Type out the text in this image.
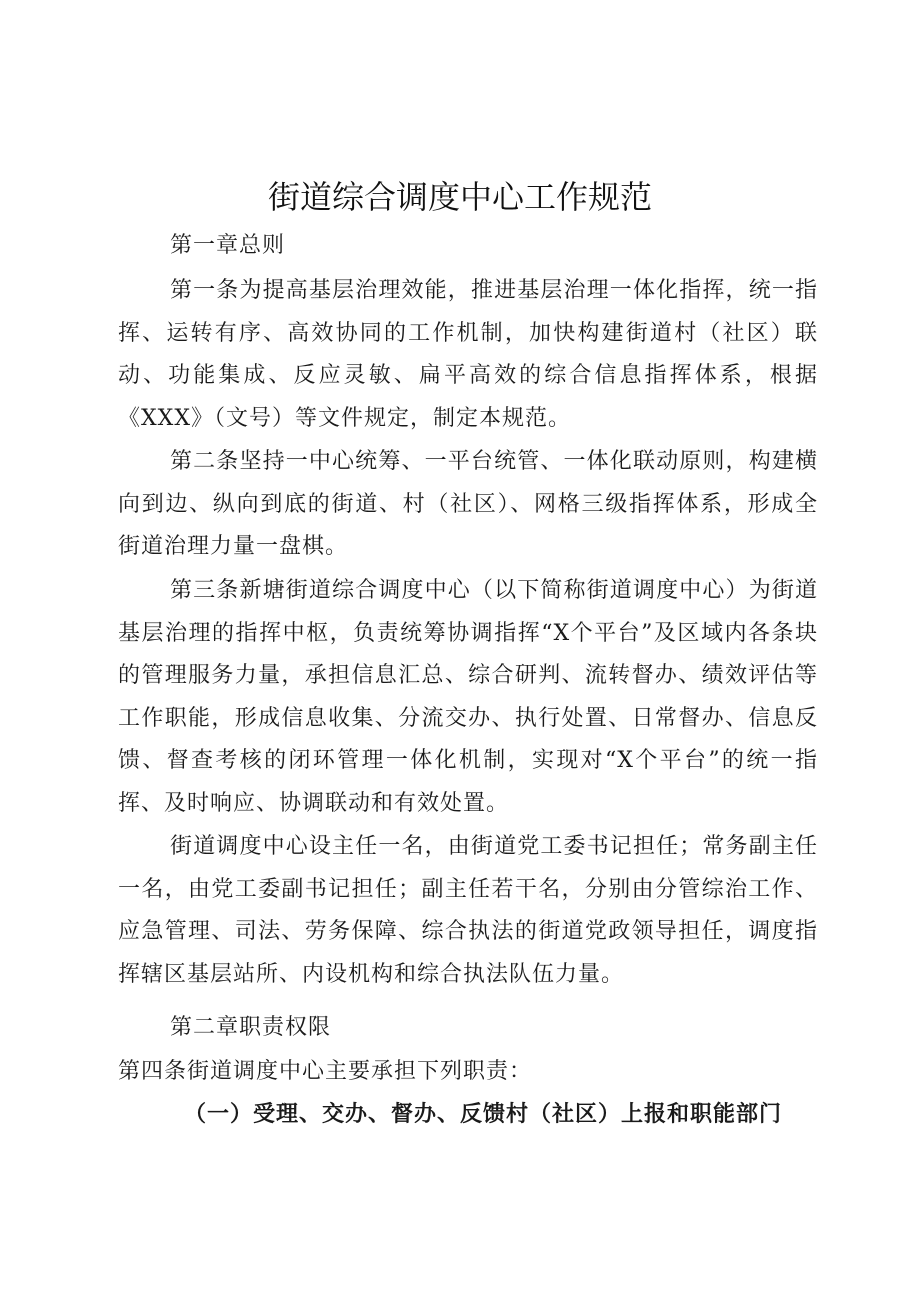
街道综合调度中心工作规范
第一章总则
第一条为提高基层治理效能，推进基层治理一体化指挥，统一指挥、运转有序、高效协同的工作机制，加快构建街道村（社区）联动、功能集成、反应灵敏、扁平高效的综合信息指挥体系，根据《XXX》（文号）等文件规定，制定本规范。
第二条坚持一中心统筹、一平台统管、一体化联动原则，构建横向到边、纵向到底的街道、村（社区）、网格三级指挥体系，形成全街道治理力量一盘棋。
第三条新塘街道综合调度中心（以下简称街道调度中心）为街道基层治理的指挥中枢，负责统筹协调指挥“X个平台”及区域内各条块的管理服务力量，承担信息汇总、综合研判、流转督办、绩效评估等工作职能，形成信息收集、分流交办、执行处置、日常督办、信息反馈、督查考核的闭环管理一体化机制，实现对“X个平台”的统一指挥、及时响应、协调联动和有效处置。
街道调度中心设主任一名，由街道党工委书记担任；常务副主任一名，由党工委副书记担任；副主任若干名，分别由分管综治工作、应急管理、司法、劳务保障、综合执法的街道党政领导担任，调度指挥辖区基层站所、内设机构和综合执法队伍力量。
第二章职责权限
第四条街道调度中心主要承担下列职责：
（一）受理、交办、督办、反馈村（社区）上报和职能部门
